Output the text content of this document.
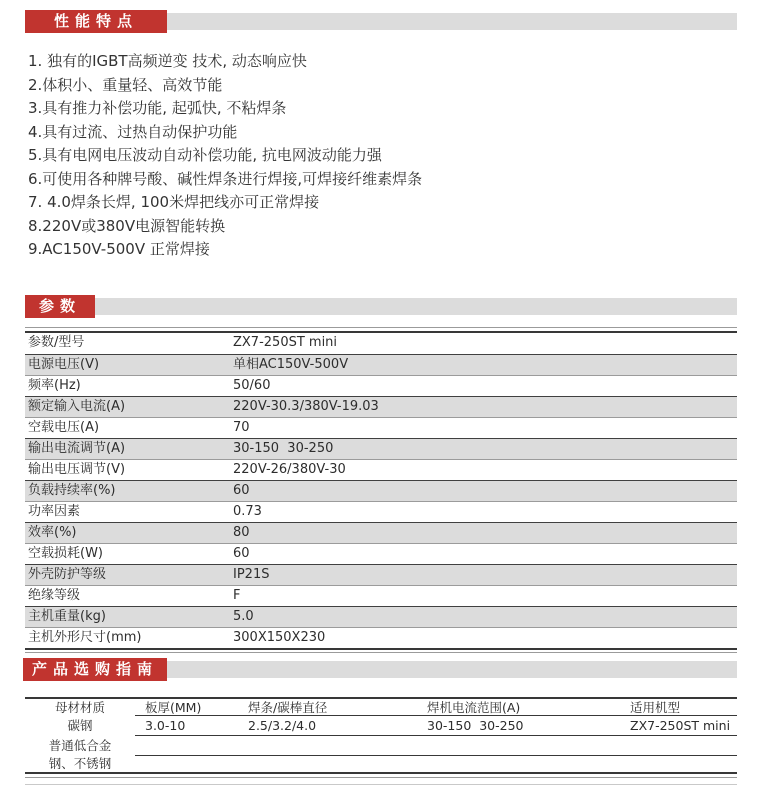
性能特点
1. 独有的IGBT高频逆变 技术, 动态响应快
2.体积小、重量轻、高效节能
3.具有推力补偿功能, 起弧快, 不粘焊条
4.具有过流、过热自动保护功能
5.具有电网电压波动自动补偿功能, 抗电网波动能力强
6.可使用各种牌号酸、碱性焊条进行焊接,可焊接纤维素焊条
7. 4.0焊条长焊, 100米焊把线亦可正常焊接
8.220V或380V电源智能转换
9.AC150V-500V 正常焊接
参数
参数/型号	ZX7-250ST mini
电源电压(V)	单相AC150V-500V
频率(Hz)	50/60
额定输入电流(A)	220V-30.3/380V-19.03
空载电压(A)	70
输出电流调节(A)	30-150  30-250
输出电压调节(V)	220V-26/380V-30
负载持续率(%)	60
功率因素	0.73
效率(%)	80
空载损耗(W)	60
外壳防护等级	IP21S
绝缘等级	F
主机重量(kg)	5.0
主机外形尺寸(mm)	300X150X230
产品选购指南
母材材质	板厚(MM)	焊条/碳棒直径	焊机电流范围(A)	适用机型
碳钢	3.0-10	2.5/3.2/4.0	30-150  30-250	ZX7-250ST mini
普通低合金
钢、不锈钢
